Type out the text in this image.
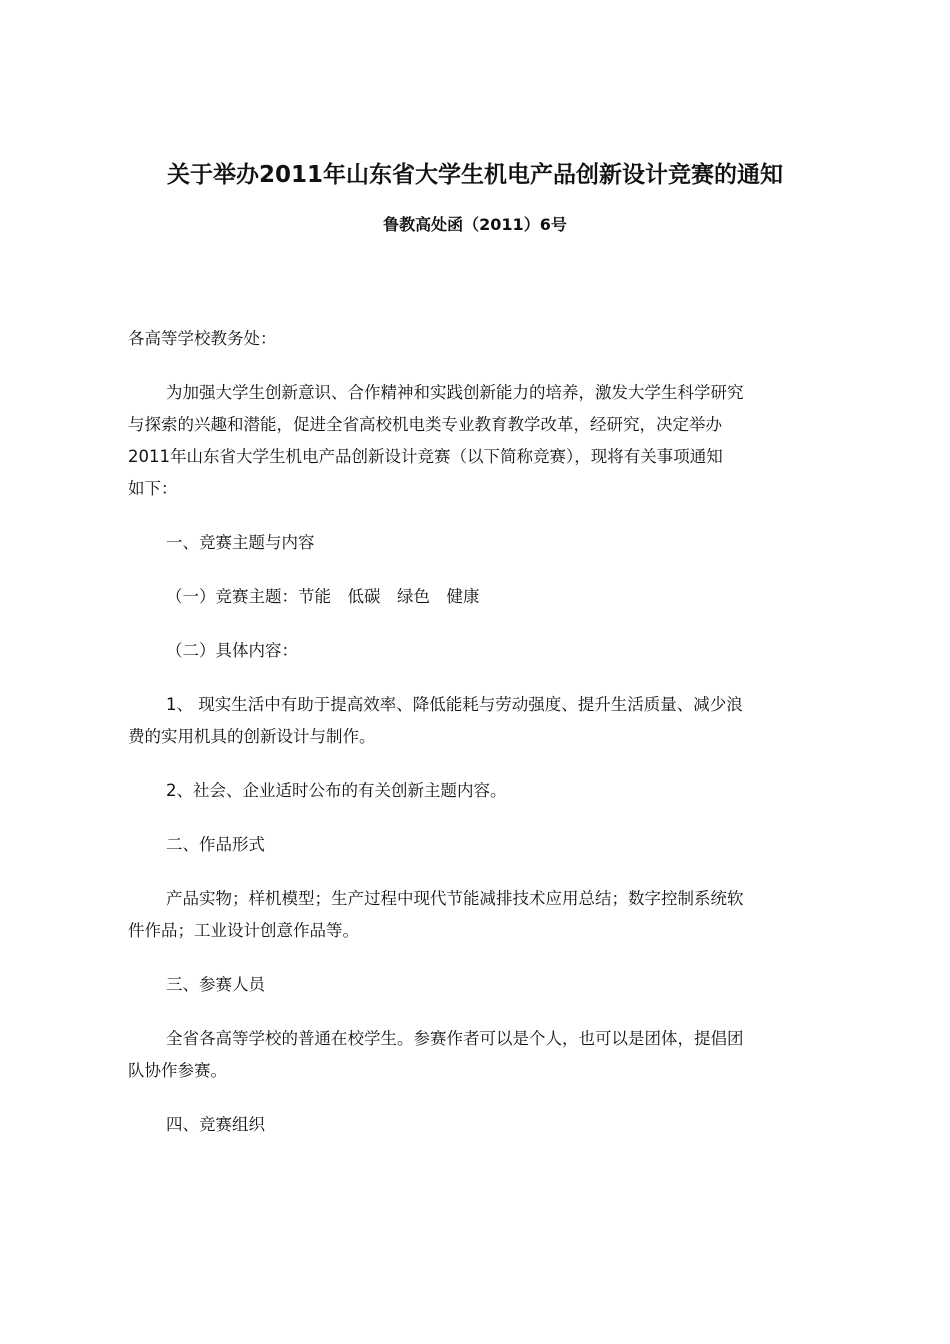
关于举办2011年山东省大学生机电产品创新设计竞赛的通知
鲁教高处函（2011）6号

各高等学校教务处：

为加强大学生创新意识、合作精神和实践创新能力的培养，激发大学生科学研究
与探索的兴趣和潜能，促进全省高校机电类专业教育教学改革，经研究，决定举办
2011年山东省大学生机电产品创新设计竞赛（以下简称竞赛），现将有关事项通知
如下：

一、竞赛主题与内容

（一）竞赛主题：节能　低碳　绿色　健康

（二）具体内容：

1、 现实生活中有助于提高效率、降低能耗与劳动强度、提升生活质量、减少浪
费的实用机具的创新设计与制作。

2、社会、企业适时公布的有关创新主题内容。

二、作品形式

产品实物；样机模型；生产过程中现代节能减排技术应用总结；数字控制系统软
件作品；工业设计创意作品等。

三、参赛人员

全省各高等学校的普通在校学生。参赛作者可以是个人，也可以是团体，提倡团
队协作参赛。

四、竞赛组织
